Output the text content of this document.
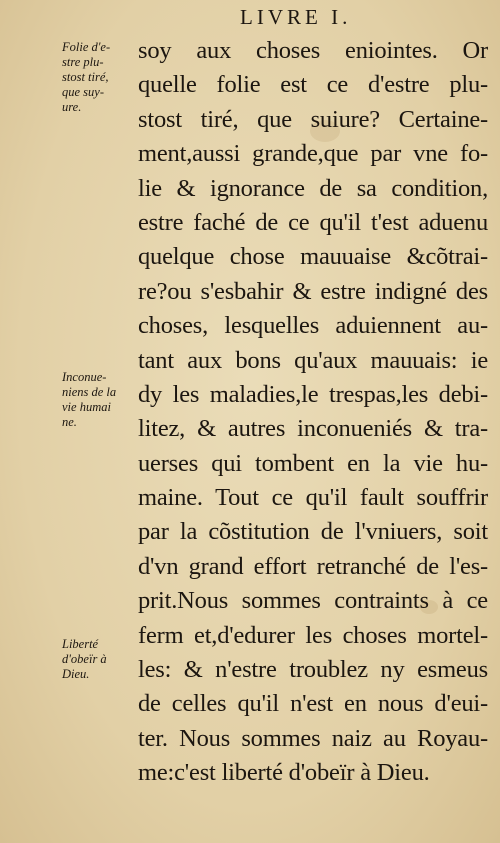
LIVRE I.
Folie d'e-
stre plu-
stost tiré,
que suy-
ure.
Inconue-
niens de la
vie humai
ne.
Liberté
d'obeïr à
Dieu.
soy aux choses eniointes. Or
quelle folie est ce d'estre plu-
stost tiré, que suiure? Certaine-
ment,aussi grande,que par vne fo-
lie & ignorance de sa condition,
estre faché de ce qu'il t'est aduenu
quelque chose mauuaise &cõtrai-
re?ou s'esbahir & estre indigné des
choses, lesquelles aduiennent au-
tant aux bons qu'aux mauuais: ie
dy les maladies,le trespas,les debi-
litez, & autres inconueniés & tra-
uerses qui tombent en la vie hu-
maine. Tout ce qu'il fault souffrir
par la cõstitution de l'vniuers, soit
d'vn grand effort retranché de l'es-
prit.Nous sommes contraints à ce
ferm et,d'edurer les choses mortel-
les: & n'estre troublez ny esmeus
de celles qu'il n'est en nous d'eui-
ter. Nous sommes naiz au Royau-
me:c'est liberté d'obeïr à Dieu.
